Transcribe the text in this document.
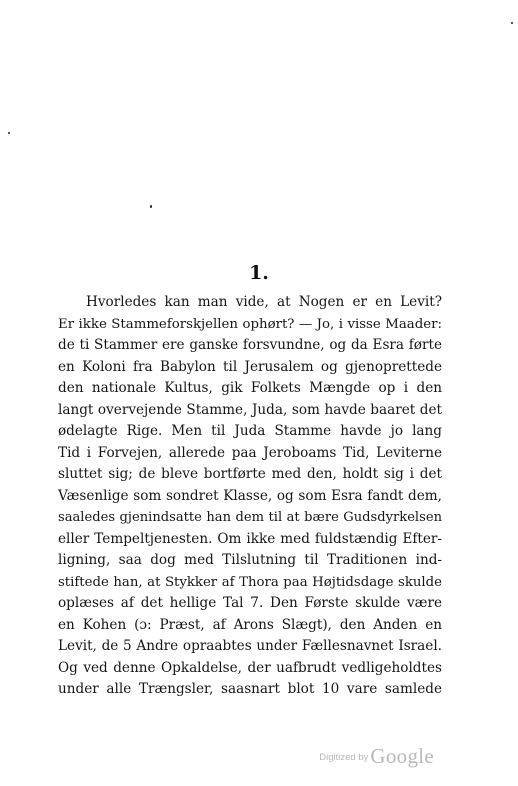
1.
Hvorledes kan man vide, at Nogen er en Levit?
Er ikke Stammeforskjellen ophørt? — Jo, i visse Maader:
de ti Stammer ere ganske forsvundne, og da Esra førte
en Koloni fra Babylon til Jerusalem og gjenoprettede
den nationale Kultus, gik Folkets Mængde op i den
langt overvejende Stamme, Juda, som havde baaret det
ødelagte Rige. Men til Juda Stamme havde jo lang
Tid i Forvejen, allerede paa Jeroboams Tid, Leviterne
sluttet sig; de bleve bortførte med den, holdt sig i det
Væsenlige som sondret Klasse, og som Esra fandt dem,
saaledes gjenindsatte han dem til at bære Gudsdyrkelsen
eller Tempeltjenesten. Om ikke med fuldstændig Efter-
ligning, saa dog med Tilslutning til Traditionen ind-
stiftede han, at Stykker af Thora paa Højtidsdage skulde
oplæses af det hellige Tal 7. Den Første skulde være
en Kohen (ɔ: Præst, af Arons Slægt), den Anden en
Levit, de 5 Andre opraabtes under Fællesnavnet Israel.
Og ved denne Opkaldelse, der uafbrudt vedligeholdtes
under alle Trængsler, saasnart blot 10 vare samlede
Digitized byGoogle
